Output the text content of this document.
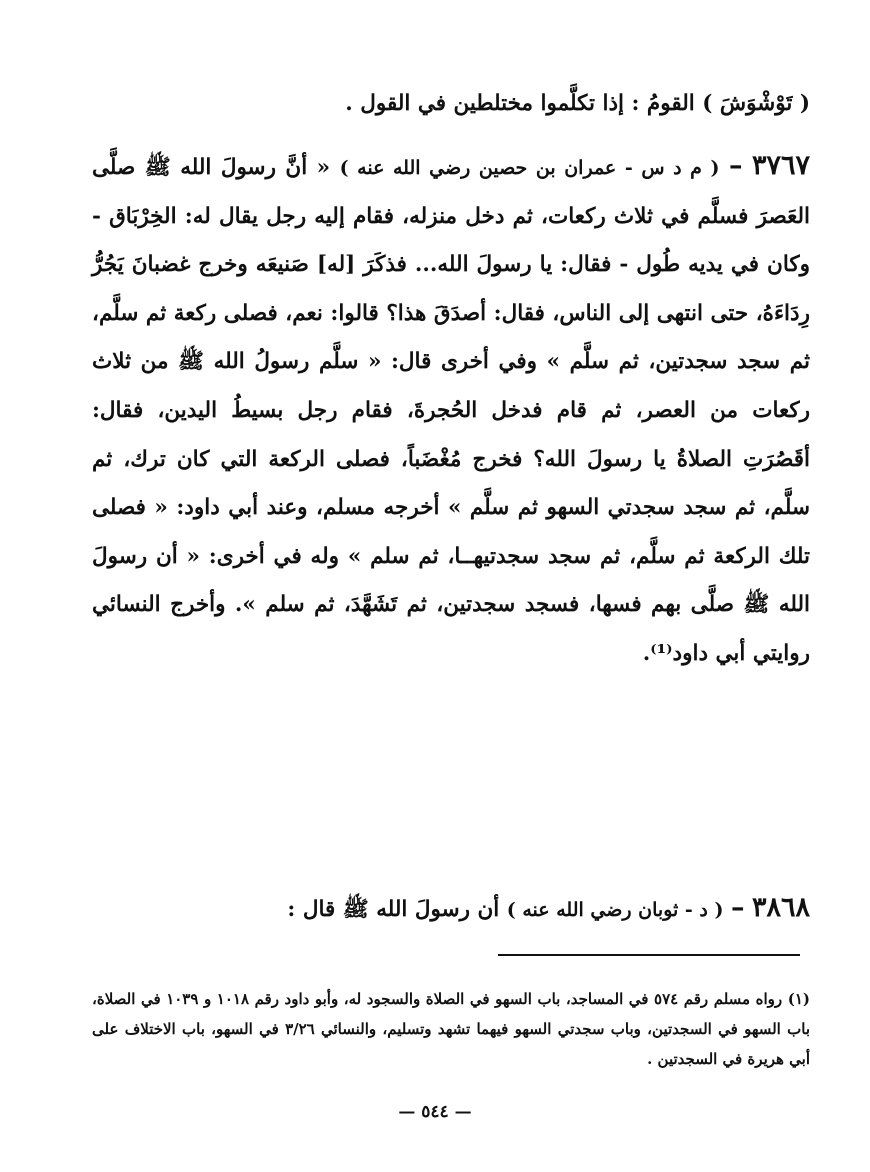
( تَوْشْوَشَ ) القومُ : إذا تكلَّموا مختلطين في القول .

٣٧٦٧ – ( م د س - عمران بن حصين رضي الله عنه ) « أنَّ رسولَ الله ﷺ صلَّى العَصرَ فسلَّم في ثلاث ركعات، ثم دخل منزله، فقام إليه رجل يقال له: الخِرْبَاق - وكان في يديه طُول - فقال: يا رسولَ الله... فذكَرَ [له] صَنيعَه وخرج غضبانَ يَجُرُّ رِدَاءَهُ، حتى انتهى إلى الناس، فقال: أصدَقَ هذا؟ قالوا: نعم، فصلى ركعة ثم سلَّم، ثم سجد سجدتين، ثم سلَّم » وفي أخرى قال: « سلَّم رسولُ الله ﷺ من ثلاث ركعات من العصر، ثم قام فدخل الحُجرةَ، فقام رجل بسيطُ اليدين، فقال: أقَصُرَتِ الصلاةُ يا رسولَ الله؟ فخرج مُغْضَباً، فصلى الركعة التي كان ترك، ثم سلَّم، ثم سجد سجدتي السهو ثم سلَّم » أخرجه مسلم، وعند أبي داود: « فصلى تلك الركعة ثم سلَّم، ثم سجد سجدتيهــا، ثم سلم » وله في أخرى: « أن رسولَ الله ﷺ صلَّى بهم فسها، فسجد سجدتين، ثم تَشَهَّدَ، ثم سلم ». وأخرج النسائي روايتي أبي داود⁽¹⁾.

٣٨٦٨ – ( د - ثوبان رضي الله عنه ) أن رسولَ الله ﷺ قال :

(١) رواه مسلم رقم ٥٧٤ في المساجد، باب السهو في الصلاة والسجود له، وأبو داود رقم ١٠١٨ و ١٠٣٩ في الصلاة، باب السهو في السجدتين، وباب سجدتي السهو فيهما تشهد وتسليم، والنسائي ٣/٢٦ في السهو، باب الاختلاف على أبي هريرة في السجدتين .

— ٥٤٤ —
